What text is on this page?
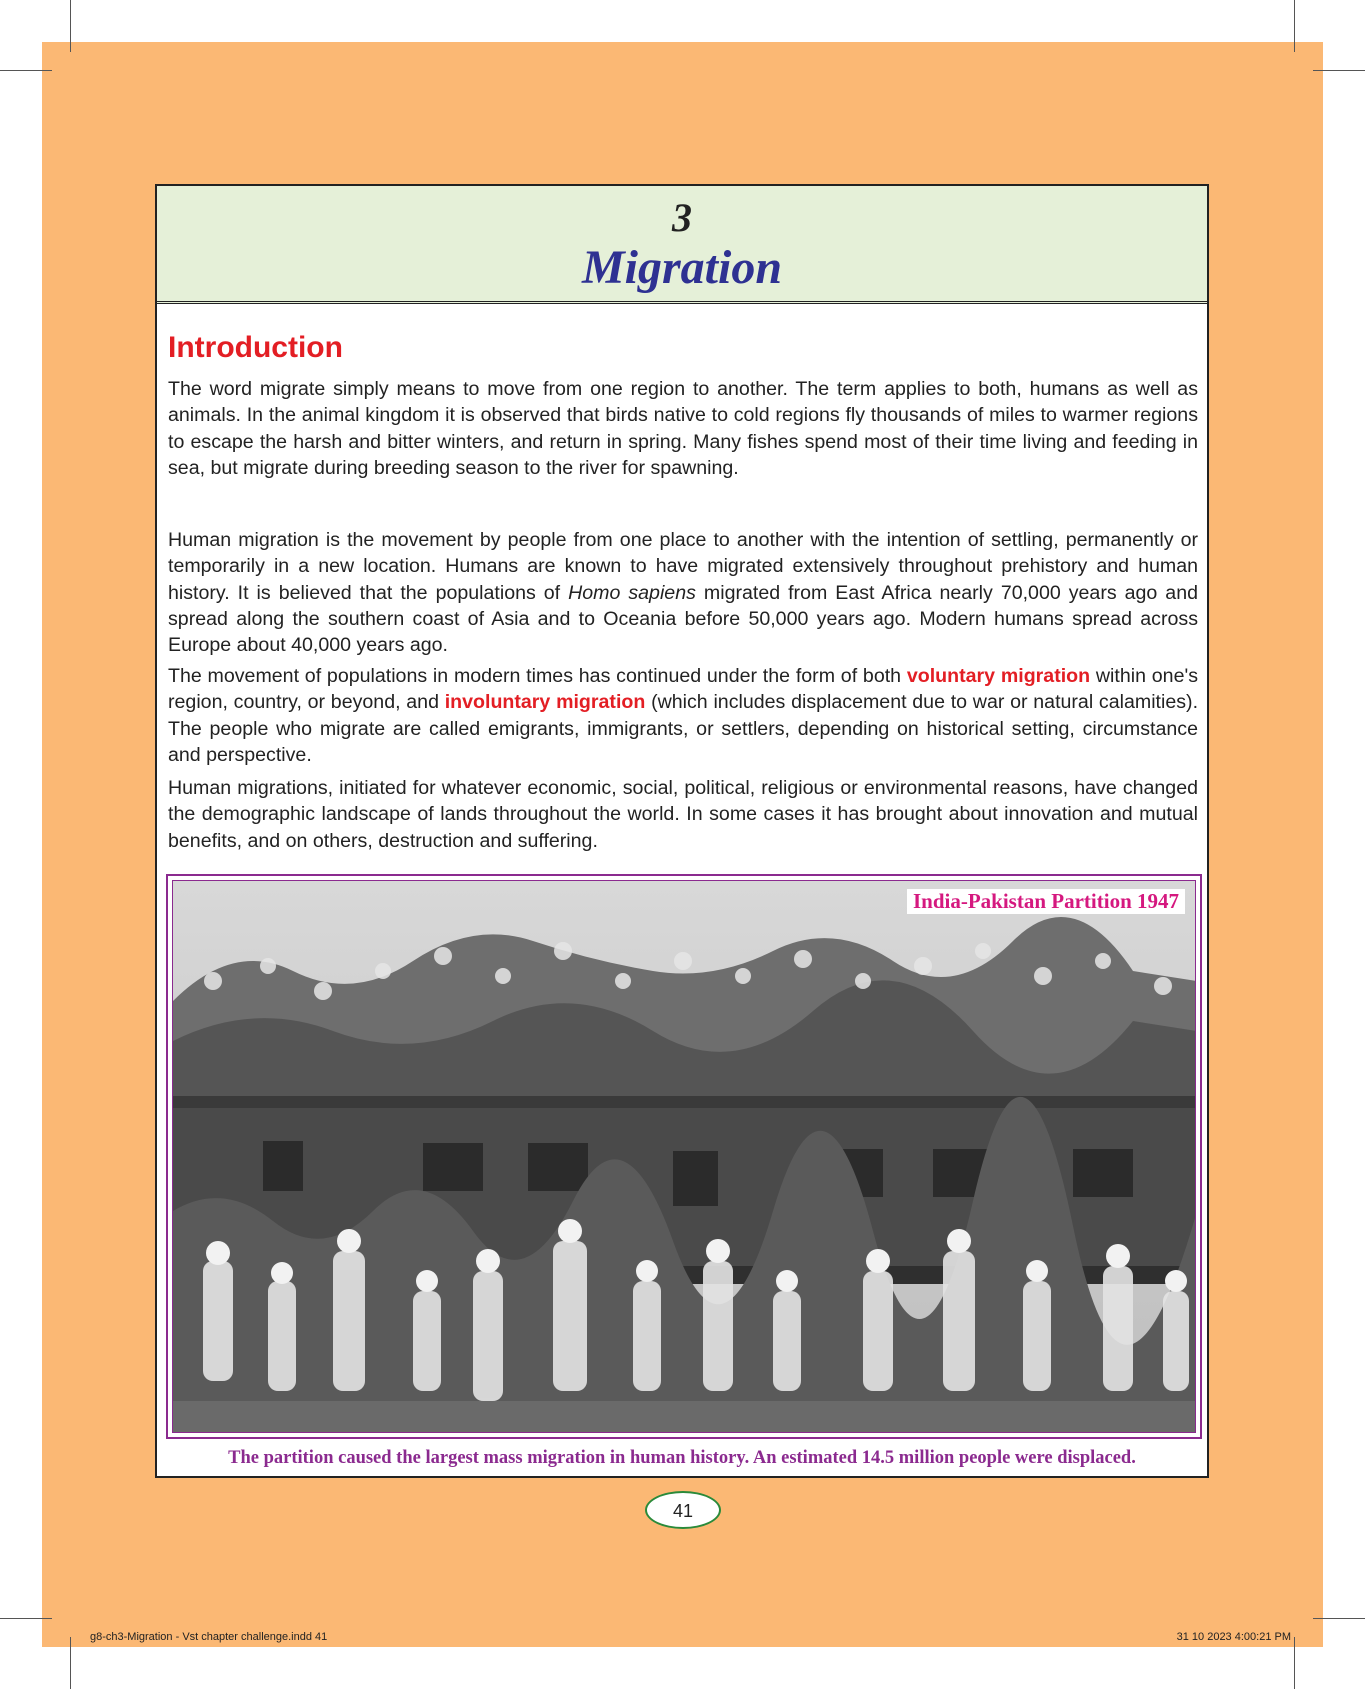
3
Migration
Introduction

The word migrate simply means to move from one region to another. The term applies to both, humans as well as animals. In the animal kingdom it is observed that birds native to cold regions fly thousands of miles to warmer regions to escape the harsh and bitter winters, and return in spring. Many fishes spend most of their time living and feeding in sea, but migrate during breeding season to the river for spawning.

Human migration is the movement by people from one place to another with the intention of settling, permanently or temporarily in a new location. Humans are known to have migrated extensively throughout prehistory and human history. It is believed that the populations of Homo sapiens migrated from East Africa nearly 70,000 years ago and spread along the southern coast of Asia and to Oceania before 50,000 years ago. Modern humans spread across Europe about 40,000 years ago.

The movement of populations in modern times has continued under the form of both voluntary migration within one's region, country, or beyond, and involuntary migration (which includes displacement due to war or natural calamities). The people who migrate are called emigrants, immigrants, or settlers, depending on historical setting, circumstance and perspective.

Human migrations, initiated for whatever economic, social, political, religious or environmental reasons, have changed the demographic landscape of lands throughout the world. In some cases it has brought about innovation and mutual benefits, and on others, destruction and suffering.

India-Pakistan Partition 1947
The partition caused the largest mass migration in human history. An estimated 14.5 million people were displaced.
41
g8-ch3-Migration - Vst chapter challenge.indd 41	31 10 2023 4:00:21 PM
